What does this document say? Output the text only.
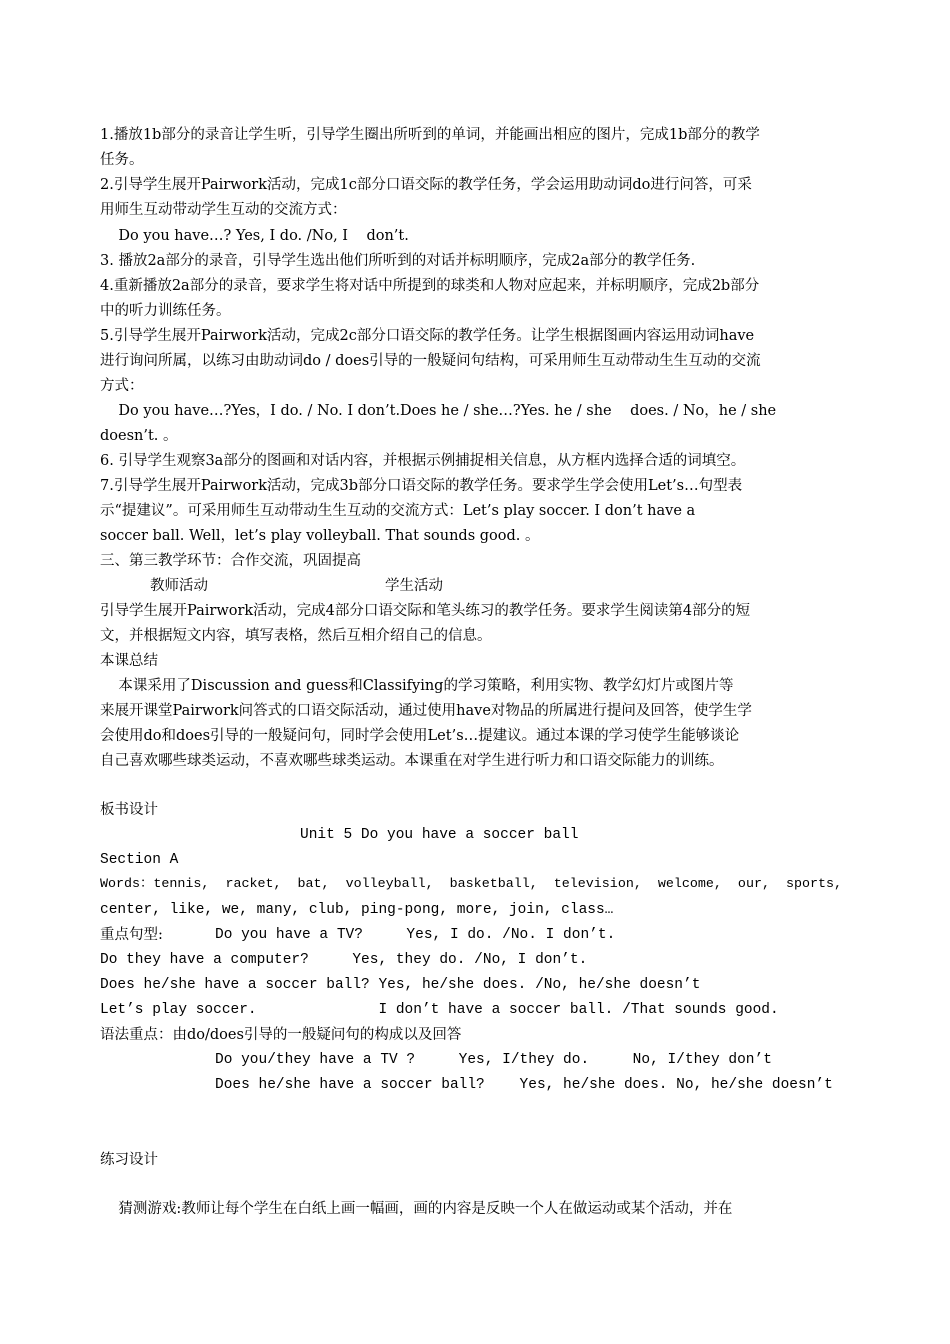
1.播放1b部分的录音让学生听，引导学生圈出所听到的单词，并能画出相应的图片，完成1b部分的教学
任务。
2.引导学生展开Pairwork活动，完成1c部分口语交际的教学任务，学会运用助动词do进行问答，可采
用师生互动带动学生互动的交流方式：
Do you have…? Yes, I do. /No, I    don’t.
3. 播放2a部分的录音，引导学生选出他们所听到的对话并标明顺序，完成2a部分的教学任务.
4.重新播放2a部分的录音，要求学生将对话中所提到的球类和人物对应起来，并标明顺序，完成2b部分
中的听力训练任务。
5.引导学生展开Pairwork活动，完成2c部分口语交际的教学任务。让学生根据图画内容运用动词have
进行询问所属，以练习由助动词do / does引导的一般疑问句结构，可采用师生互动带动生生互动的交流
方式：
Do you have…?Yes，I do. / No. I don’t.Does he / she…?Yes. he / she    does. / No，he / she
doesn’t. 。
6. 引导学生观察3a部分的图画和对话内容，并根据示例捕捉相关信息，从方框内选择合适的词填空。
7.引导学生展开Pairwork活动，完成3b部分口语交际的教学任务。要求学生学会使用Let’s…句型表
示“提建议”。可采用师生互动带动生生互动的交流方式：Let’s play soccer. I don’t have a
soccer ball. Well，let’s play volleyball. That sounds good. 。
三、第三教学环节：合作交流，巩固提高
教师活动	学生活动
引导学生展开Pairwork活动，完成4部分口语交际和笔头练习的教学任务。要求学生阅读第4部分的短
文，并根据短文内容，填写表格，然后互相介绍自己的信息。
本课总结
本课采用了Discussion and guess和Classifying的学习策略，利用实物、教学幻灯片或图片等
来展开课堂Pairwork问答式的口语交际活动，通过使用have对物品的所属进行提问及回答，使学生学
会使用do和does引导的一般疑问句，同时学会使用Let’s…提建议。通过本课的学习使学生能够谈论
自己喜欢哪些球类运动，不喜欢哪些球类运动。本课重在对学生进行听力和口语交际能力的训练。
板书设计
Unit 5 Do you have a soccer ball
Section A
Words：tennis,  racket,  bat,  volleyball,  basketball,  television,  welcome,  our,  sports,
center, like, we, many, club, ping-pong, more, join, class…
重点句型:	Do you have a TV?     Yes, I do. /No. I don’t.
Do they have a computer?     Yes, they do. /No, I don’t.
Does he/she have a soccer ball? Yes, he/she does. /No, he/she doesn’t
Let’s play soccer.              I don’t have a soccer ball. /That sounds good.
语法重点：由do/does引导的一般疑问句的构成以及回答
Do you/they have a TV ?     Yes, I/they do.     No, I/they don’t
Does he/she have a soccer ball?    Yes, he/she does. No, he/she doesn’t
练习设计
猜测游戏:教师让每个学生在白纸上画一幅画，画的内容是反映一个人在做运动或某个活动，并在
